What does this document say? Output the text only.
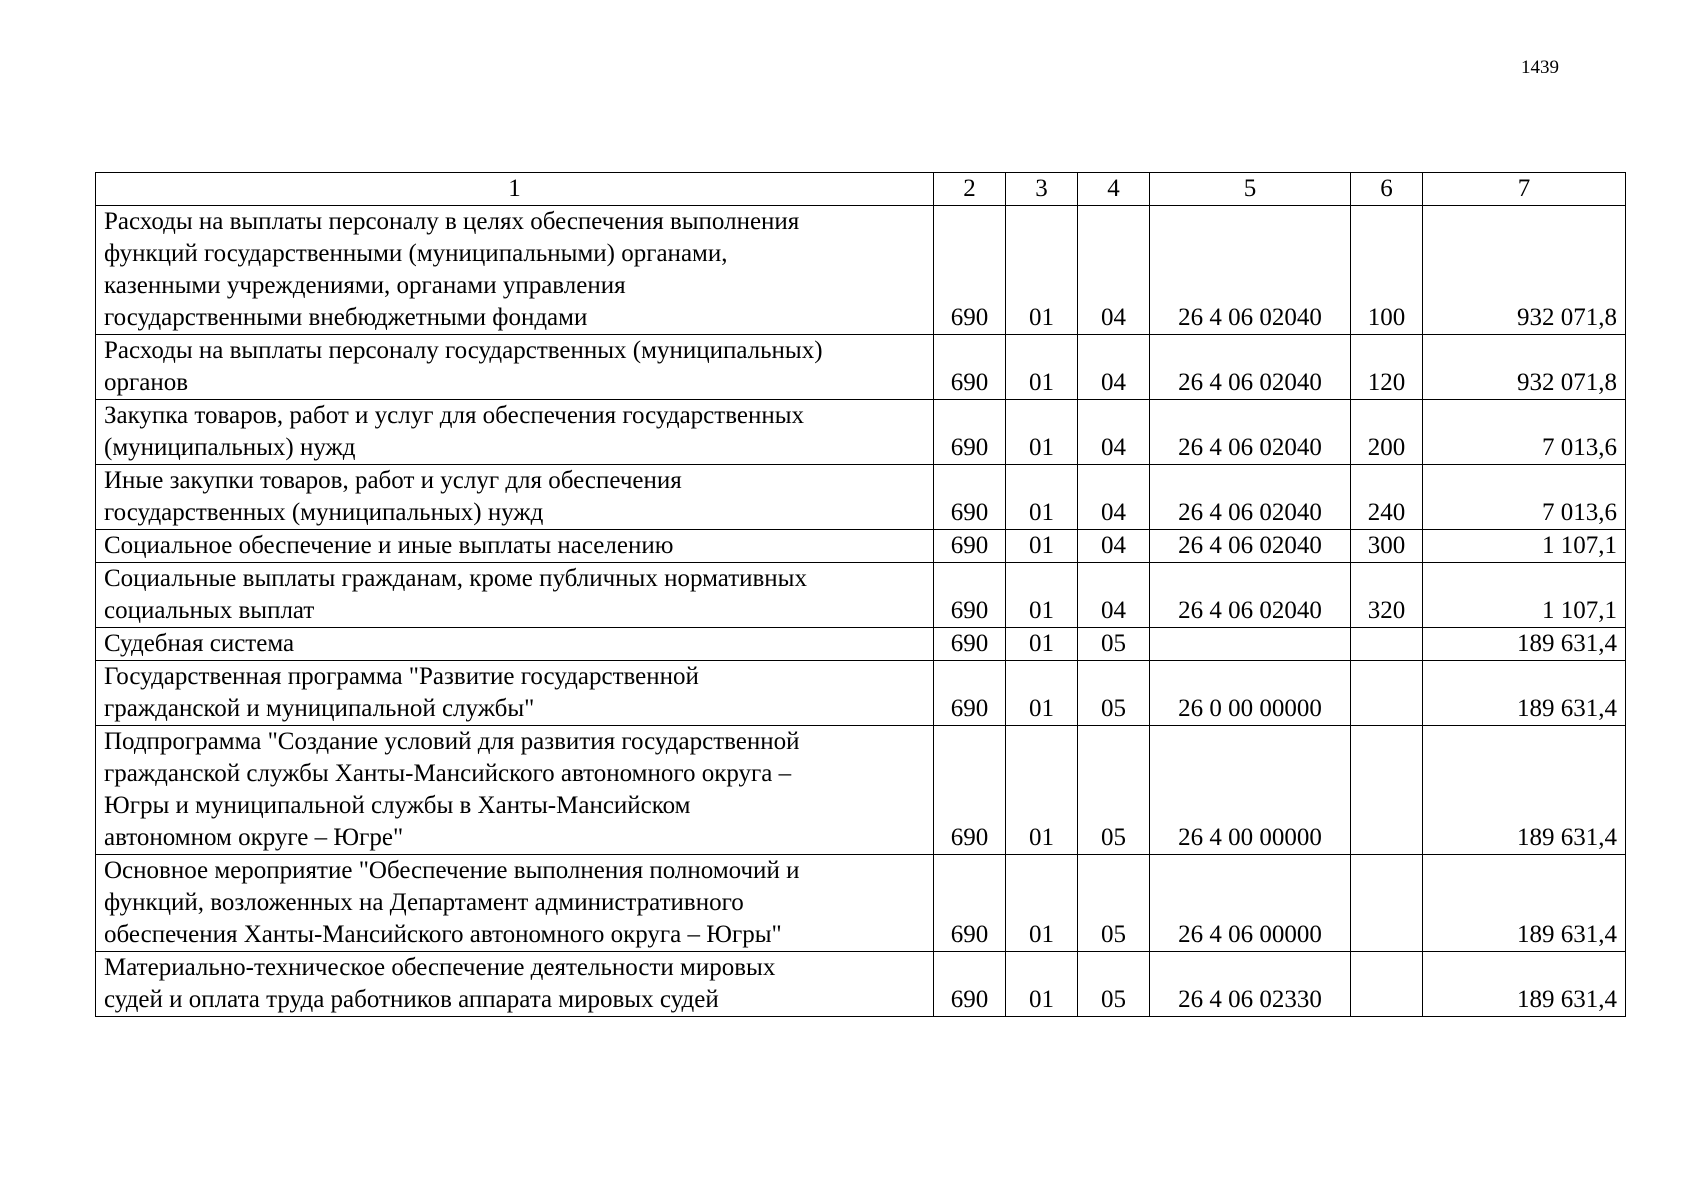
1439
1	2	3	4	5	6	7

Расходы на выплаты персоналу в целях обеспечения выполнения
функций государственными (муниципальными) органами,
казенными учреждениями, органами управления
государственными внебюджетными фондами	690	01	04	26 4 06 02040	100	932 071,8

Расходы на выплаты персоналу государственных (муниципальных)
органов	690	01	04	26 4 06 02040	120	932 071,8

Закупка товаров, работ и услуг для обеспечения государственных
(муниципальных) нужд	690	01	04	26 4 06 02040	200	7 013,6

Иные закупки товаров, работ и услуг для обеспечения
государственных (муниципальных) нужд	690	01	04	26 4 06 02040	240	7 013,6

Социальное обеспечение и иные выплаты населению	690	01	04	26 4 06 02040	300	1 107,1

Социальные выплаты гражданам, кроме публичных нормативных
социальных выплат	690	01	04	26 4 06 02040	320	1 107,1

Судебная система	690	01	05			189 631,4

Государственная программа "Развитие государственной
гражданской и муниципальной службы"	690	01	05	26 0 00 00000		189 631,4

Подпрограмма "Создание условий для развития государственной
гражданской службы Ханты-Мансийского автономного округа –
Югры и муниципальной службы в Ханты-Мансийском
автономном округе – Югре"	690	01	05	26 4 00 00000		189 631,4

Основное мероприятие "Обеспечение выполнения полномочий и
функций, возложенных на Департамент административного
обеспечения Ханты-Мансийского автономного округа – Югры"	690	01	05	26 4 06 00000		189 631,4

Материально-техническое обеспечение деятельности мировых
судей и оплата труда работников аппарата мировых судей	690	01	05	26 4 06 02330		189 631,4
